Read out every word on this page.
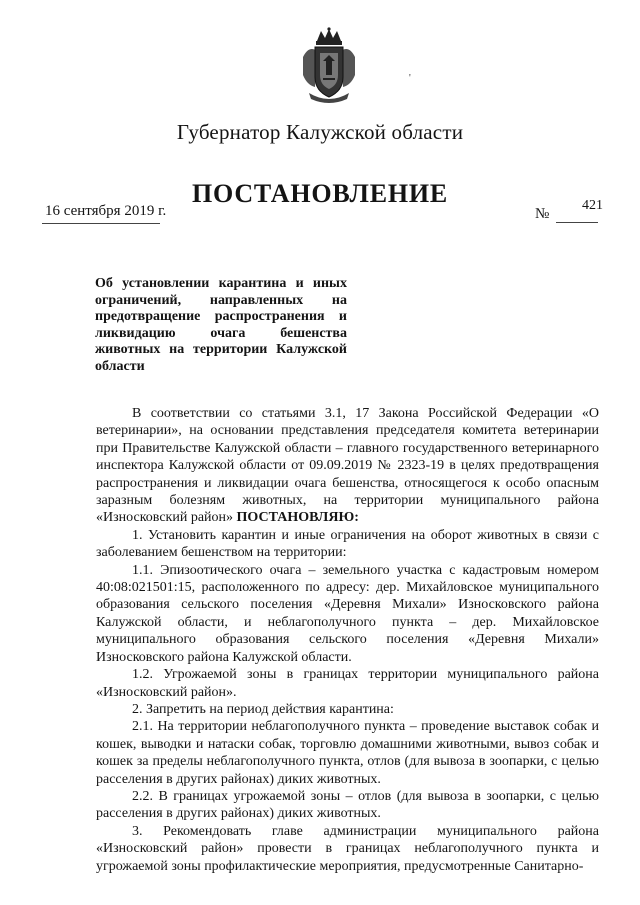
'
Губернатор Калужской области
ПОСТАНОВЛЕНИЕ
16 сентября 2019 г.	№
421
Об установлении карантина и иных ограничений, направленных на предотвращение распространения и ликвидацию очага бешенства животных на территории Калужской области

В соответствии со статьями 3.1, 17 Закона Российской Федерации «О ветеринарии», на основании представления председателя комитета ветеринарии при Правительстве Калужской области – главного государственного ветеринарного инспектора Калужской области от 09.09.2019 № 2323-19 в целях предотвращения распространения и ликвидации очага бешенства, относящегося к особо опасным заразным болезням животных, на территории муниципального района «Износковский район» ПОСТАНОВЛЯЮ:

1. Установить карантин и иные ограничения на оборот животных в связи с заболеванием бешенством на территории:

1.1. Эпизоотического очага – земельного участка с кадастровым номером 40:08:021501:15, расположенного по адресу: дер. Михайловское муниципального образования сельского поселения «Деревня Михали» Износковского района Калужской области, и неблагополучного пункта – дер. Михайловское муниципального образования сельского поселения «Деревня Михали» Износковского района Калужской области.

1.2. Угрожаемой зоны в границах территории муниципального района «Износковский район».

2. Запретить на период действия карантина:

2.1. На территории неблагополучного пункта – проведение выставок собак и кошек, выводки и натаски собак, торговлю домашними животными, вывоз собак и кошек за пределы неблагополучного пункта, отлов (для вывоза в зоопарки, с целью расселения в других районах) диких животных.

2.2. В границах угрожаемой зоны – отлов (для вывоза в зоопарки, с целью расселения в других районах) диких животных.

3. Рекомендовать главе администрации муниципального района «Износковский район» провести в границах неблагополучного пункта и угрожаемой зоны профилактические мероприятия, предусмотренные Санитарно-
